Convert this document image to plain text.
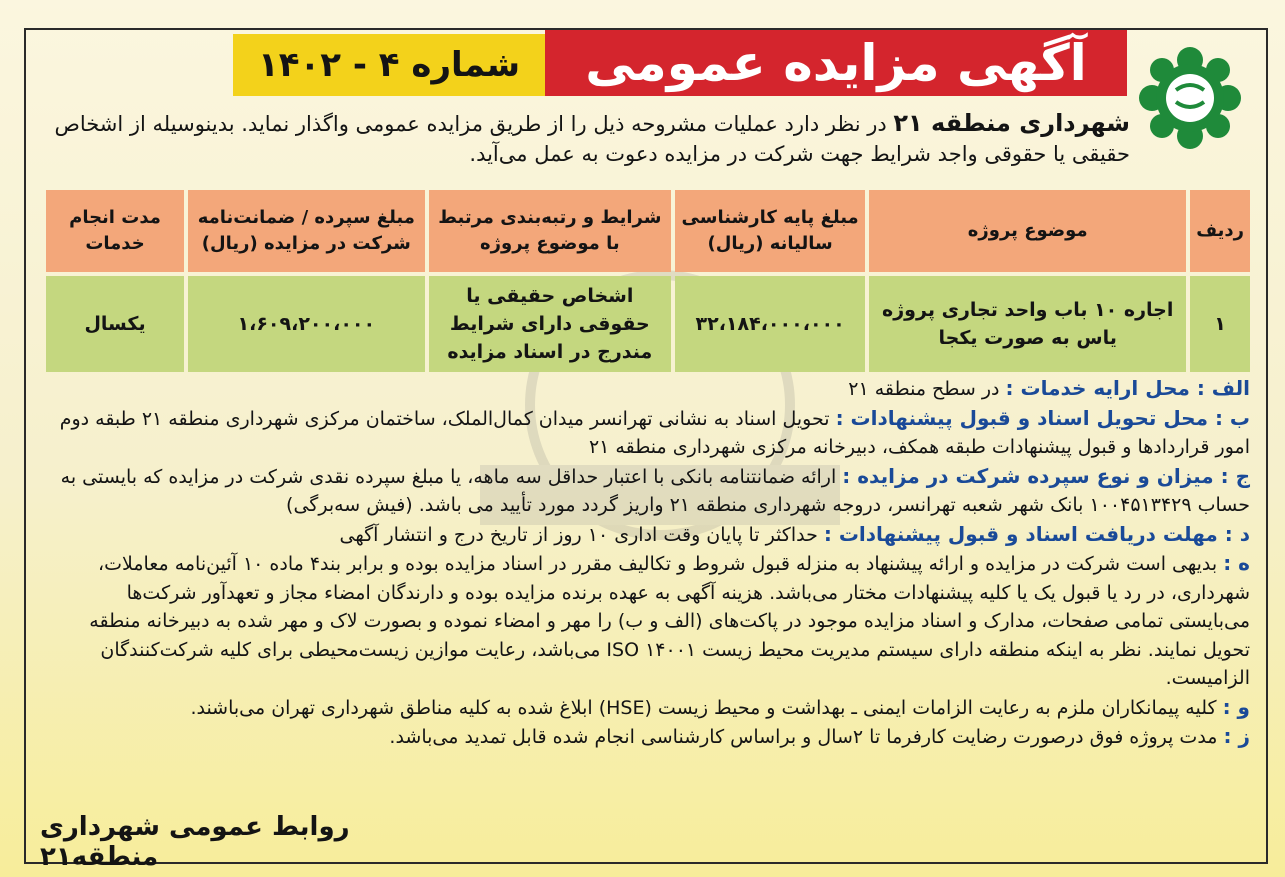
شماره ۴ - ۱۴۰۲	آگهی مزایده عمومی
شهرداری منطقه ۲۱ در نظر دارد عملیات مشروحه ذیل را از طریق مزایده عمومی واگذار نماید. بدینوسیله از اشخاص حقیقی یا حقوقی واجد شرایط جهت شرکت در مزایده دعوت به عمل می‌آید.
ردیف	موضوع پروژه	مبلغ پایه کارشناسی سالیانه (ریال)	شرایط و رتبه‌بندی مرتبط با موضوع پروژه	مبلغ سپرده / ضمانت‌نامه شرکت در مزایده (ریال)	مدت انجام خدمات
۱	اجاره ۱۰ باب واحد تجاری پروژه یاس به صورت یکجا	۳۲،۱۸۴،۰۰۰،۰۰۰	اشخاص حقیقی یا حقوقی دارای شرایط مندرج در اسناد مزایده	۱،۶۰۹،۲۰۰،۰۰۰	یکسال

الف : محل ارایه خدمات : در سطح منطقه ۲۱

ب : محل تحویل اسناد و قبول پیشنهادات : تحویل اسناد به نشانی تهرانسر میدان کمال‌الملک، ساختمان مرکزی شهرداری منطقه ۲۱ طبقه دوم امور قراردادها و قبول پیشنهادات طبقه همکف، دبیرخانه مرکزی شهرداری منطقه ۲۱

ج : میزان و نوع سپرده شرکت در مزایده : ارائه ضمانتنامه بانکی با اعتبار حداقل سه ماهه، یا مبلغ سپرده نقدی شرکت در مزایده که بایستی به حساب ۱۰۰۴۵۱۳۴۲۹ بانک شهر شعبه تهرانسر، دروجه شهرداری منطقه ۲۱ واریز گردد مورد تأیید می باشد. (فیش سه‌برگی)

د : مهلت دریافت اسناد و قبول پیشنهادات : حداکثر تا پایان وقت اداری ۱۰ روز از تاریخ درج و انتشار آگهی

ه : بدیهی است شرکت در مزایده و ارائه پیشنهاد به منزله قبول شروط و تکالیف مقرر در اسناد مزایده بوده و برابر بند۴ ماده ۱۰ آئین‌نامه معاملات، شهرداری، در رد یا قبول یک یا کلیه پیشنهادات مختار می‌باشد. هزینه آگهی به عهده برنده مزایده بوده و دارندگان امضاء مجاز و تعهدآور شرکت‌ها می‌بایستی تمامی صفحات، مدارک و اسناد مزایده موجود در پاکت‌های (الف و ب) را مهر و امضاء نموده و بصورت لاک و مهر شده به دبیرخانه منطقه تحویل نمایند. نظر به اینکه منطقه دارای سیستم مدیریت محیط زیست ISO ۱۴۰۰۱ می‌باشد، رعایت موازین زیست‌محیطی برای کلیه شرکت‌کنندگان الزامیست.

و : کلیه پیمانکاران ملزم به رعایت الزامات ایمنی ـ بهداشت و محیط زیست (HSE) ابلاغ شده به کلیه مناطق شهرداری تهران می‌باشند.

ز : مدت پروژه فوق درصورت رضایت کارفرما تا ۲سال و براساس کارشناسی انجام شده قابل تمدید می‌باشد.

روابط عمومی شهرداری منطقه۲۱
